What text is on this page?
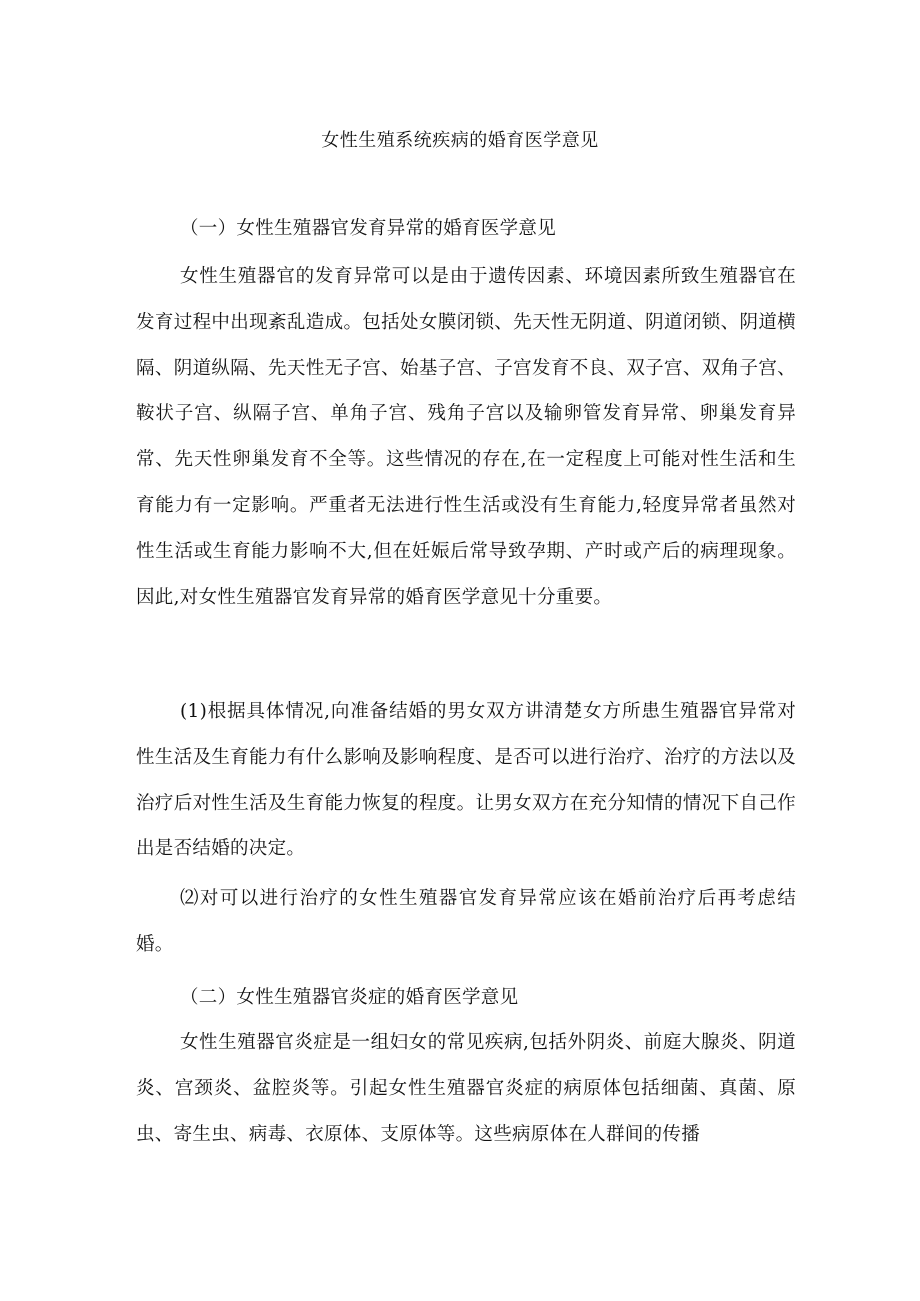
女性生殖系统疾病的婚育医学意见
（一）女性生殖器官发育异常的婚育医学意见
女性生殖器官的发育异常可以是由于遗传因素、环境因素所致生殖器官在发育过程中出现紊乱造成。包括处女膜闭锁、先天性无阴道、阴道闭锁、阴道横隔、阴道纵隔、先天性无子宫、始基子宫、子宫发育不良、双子宫、双角子宫、鞍状子宫、纵隔子宫、单角子宫、残角子宫以及输卵管发育异常、卵巢发育异常、先天性卵巢发育不全等。这些情况的存在,在一定程度上可能对性生活和生育能力有一定影响。严重者无法进行性生活或没有生育能力,轻度异常者虽然对性生活或生育能力影响不大,但在妊娠后常导致孕期、产时或产后的病理现象。因此,对女性生殖器官发育异常的婚育医学意见十分重要。
(1)根据具体情况,向准备结婚的男女双方讲清楚女方所患生殖器官异常对性生活及生育能力有什么影响及影响程度、是否可以进行治疗、治疗的方法以及治疗后对性生活及生育能力恢复的程度。让男女双方在充分知情的情况下自己作出是否结婚的决定。
⑵对可以进行治疗的女性生殖器官发育异常应该在婚前治疗后再考虑结婚。
（二）女性生殖器官炎症的婚育医学意见
女性生殖器官炎症是一组妇女的常见疾病,包括外阴炎、前庭大腺炎、阴道炎、宫颈炎、盆腔炎等。引起女性生殖器官炎症的病原体包括细菌、真菌、原虫、寄生虫、病毒、衣原体、支原体等。这些病原体在人群间的传播
